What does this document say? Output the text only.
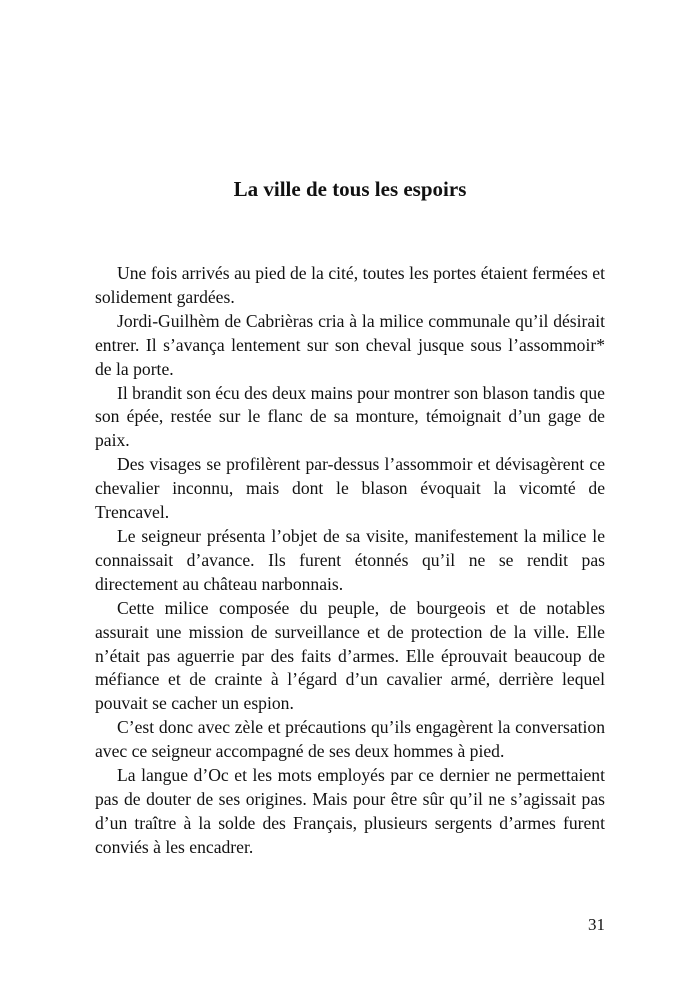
La ville de tous les espoirs

Une fois arrivés au pied de la cité, toutes les portes étaient fermées et solidement gardées.

Jordi-Guilhèm de Cabrièras cria à la milice communale qu’il désirait entrer. Il s’avança lentement sur son cheval jusque sous l’assommoir* de la porte.

Il brandit son écu des deux mains pour montrer son blason tandis que son épée, restée sur le flanc de sa monture, témoignait d’un gage de paix.

Des visages se profilèrent par-dessus l’assommoir et dévisagèrent ce chevalier inconnu, mais dont le blason évoquait la vicomté de Trencavel.

Le seigneur présenta l’objet de sa visite, manifestement la milice le connaissait d’avance. Ils furent étonnés qu’il ne se rendit pas directement au château narbonnais.

Cette milice composée du peuple, de bourgeois et de notables assurait une mission de surveillance et de protection de la ville. Elle n’était pas aguerrie par des faits d’armes. Elle éprouvait beaucoup de méfiance et de crainte à l’égard d’un cavalier armé, derrière lequel pouvait se cacher un espion.

C’est donc avec zèle et précautions qu’ils engagèrent la conversation avec ce seigneur accompagné de ses deux hommes à pied.

La langue d’Oc et les mots employés par ce dernier ne permettaient pas de douter de ses origines. Mais pour être sûr qu’il ne s’agissait pas d’un traître à la solde des Français, plusieurs sergents d’armes furent conviés à les encadrer.

31
